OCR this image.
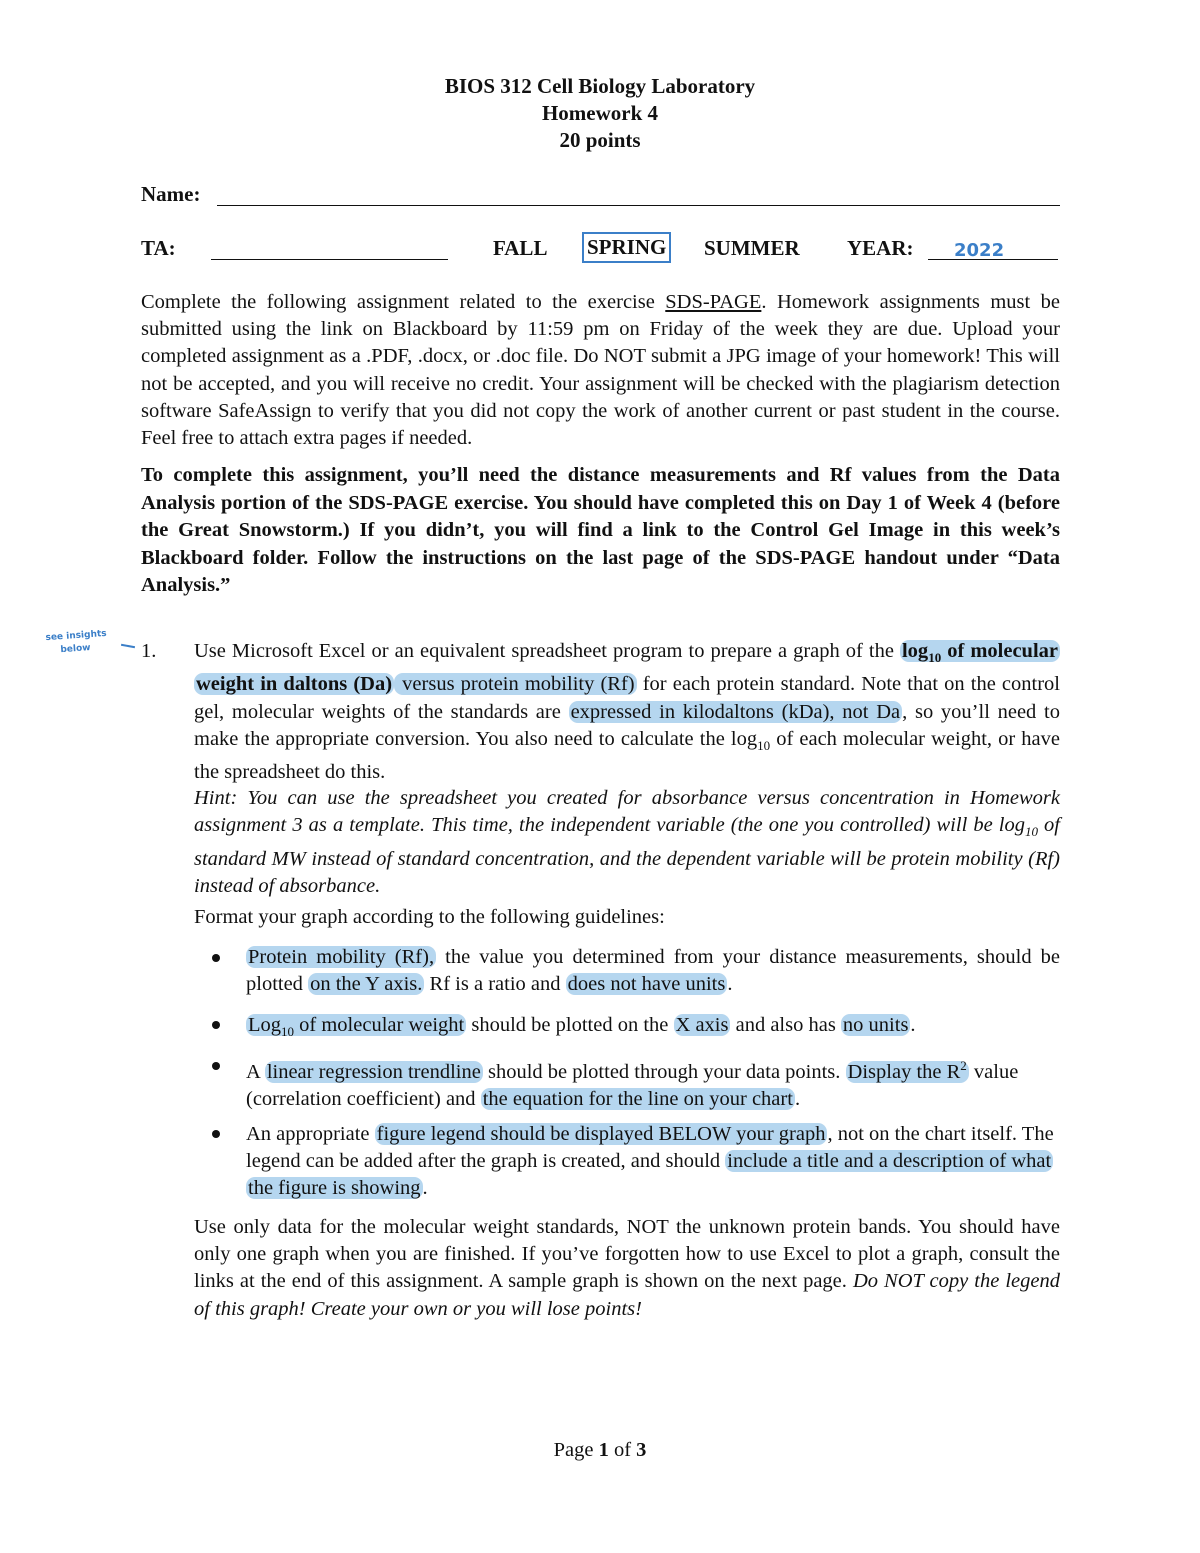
BIOS 312 Cell Biology Laboratory
Homework 4
20 points
Name:
TA:	FALL SPRING SUMMER YEAR: 2022
Complete the following assignment related to the exercise SDS-PAGE. Homework assignments must be submitted using the link on Blackboard by 11:59 pm on Friday of the week they are due. Upload your completed assignment as a .PDF, .docx, or .doc file. Do NOT submit a JPG image of your homework! This will not be accepted, and you will receive no credit. Your assignment will be checked with the plagiarism detection software SafeAssign to verify that you did not copy the work of another current or past student in the course. Feel free to attach extra pages if needed.
To complete this assignment, you’ll need the distance measurements and Rf values from the Data Analysis portion of the SDS-PAGE exercise. You should have completed this on Day 1 of Week 4 (before the Great Snowstorm.) If you didn’t, you will find a link to the Control Gel Image in this week’s Blackboard folder. Follow the instructions on the last page of the SDS-PAGE handout under “Data Analysis.”
see insights
below	1. Use Microsoft Excel or an equivalent spreadsheet program to prepare a graph of the $\log_{10}$ of molecular weight in daltons (Da) versus protein mobility (Rf) for each protein standard. Note that on the control gel, molecular weights of the standards are expressed in kilodaltons (kDa), not Da, so you’ll need to make the appropriate conversion. You also need to calculate the $\log_{10}$ of each molecular weight, or have the spreadsheet do this.
Hint: You can use the spreadsheet you created for absorbance versus concentration in Homework assignment 3 as a template. This time, the independent variable (the one you controlled) will be $\log_{10}$ of standard MW instead of standard concentration, and the dependent variable will be protein mobility (Rf) instead of absorbance.
Format your graph according to the following guidelines:
Protein mobility (Rf), the value you determined from your distance measurements, should be plotted on the Y axis. Rf is a ratio and does not have units.
Log$_{10}$ of molecular weight should be plotted on the X axis and also has no units.
A linear regression trendline should be plotted through your data points. Display the $R^2$ value (correlation coefficient) and the equation for the line on your chart.
An appropriate figure legend should be displayed BELOW your graph, not on the chart itself. The legend can be added after the graph is created, and should include a title and a description of what the figure is showing.
Use only data for the molecular weight standards, NOT the unknown protein bands. You should have only one graph when you are finished. If you’ve forgotten how to use Excel to plot a graph, consult the links at the end of this assignment. A sample graph is shown on the next page. Do NOT copy the legend of this graph! Create your own or you will lose points!
Page 1 of 3
